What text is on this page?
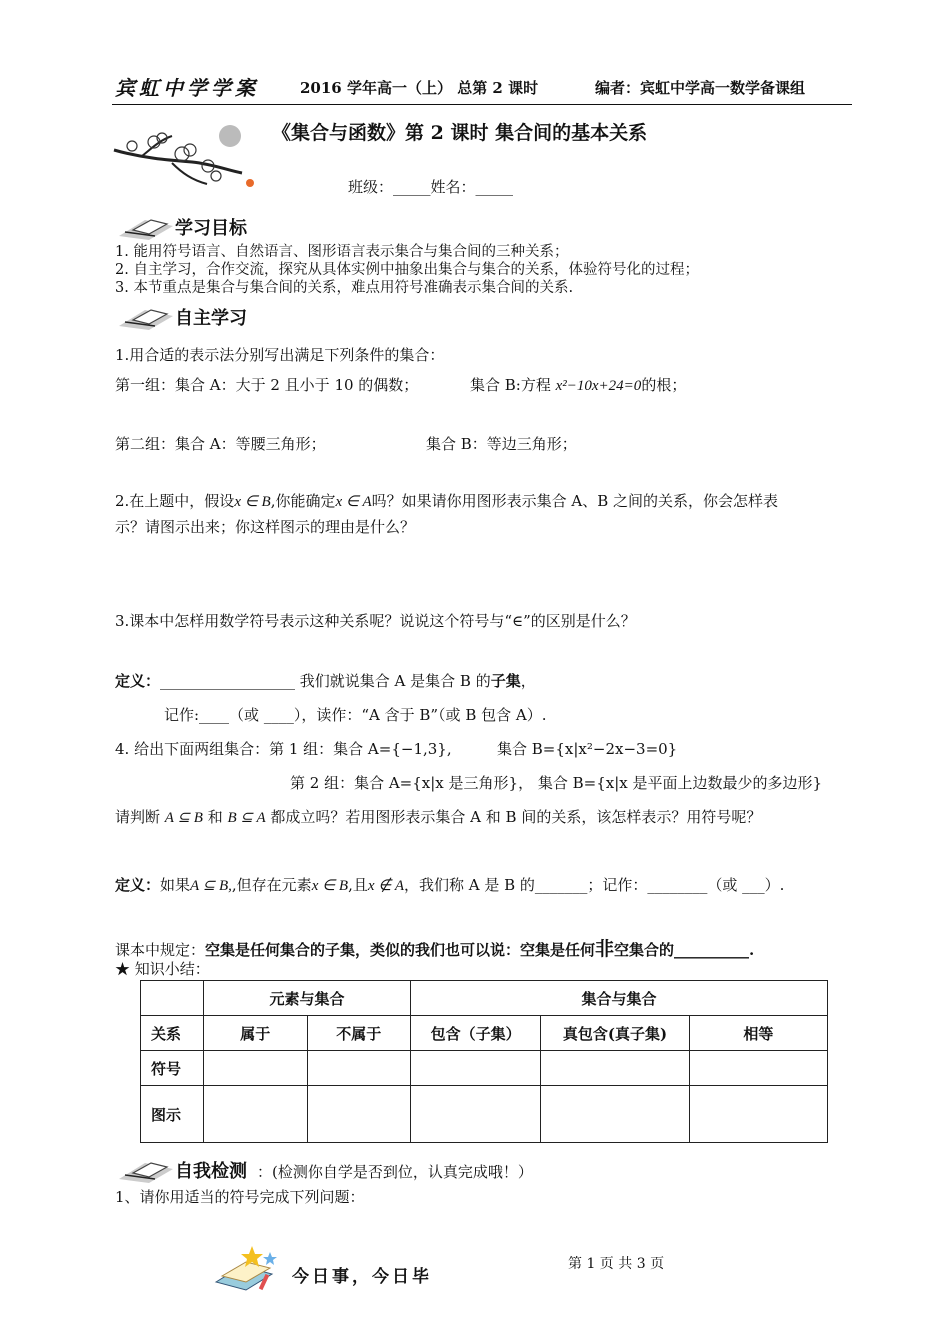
宾虹中学学案	2016 学年高一（上） 总第 2 课时	编者：宾虹中学高一数学备课组
《集合与函数》第 2 课时 集合间的基本关系
班级：_____姓名：_____
学习目标
1. 能用符号语言、自然语言、图形语言表示集合与集合间的三种关系；
2. 自主学习，合作交流，探究从具体实例中抽象出集合与集合的关系，体验符号化的过程；
3. 本节重点是集合与集合间的关系，难点用符号准确表示集合间的关系.
自主学习
1.用合适的表示法分别写出满足下列条件的集合：
第一组：集合 A：大于 2 且小于 10 的偶数；	集合 B:方程 x²−10x+24=0的根；
第二组：集合 A：等腰三角形；	集合 B：等边三角形；
2.在上题中，假设x ∈ B,你能确定x ∈ A吗？如果请你用图形表示集合 A、B 之间的关系，你会怎样表
示？请图示出来；你这样图示的理由是什么？
3.课本中怎样用数学符号表示这种关系呢？说说这个符号与“∈”的区别是什么？
定义：__________________ 我们就说集合 A 是集合 B 的子集，
记作:____（或 ____），读作：“A 含于 B”（或 B 包含 A）.
4. 给出下面两组集合：第 1 组：集合 A={−1,3},	集合 B={x|x²−2x−3=0}
第 2 组：集合 A={x|x 是三角形}， 集合 B={x|x 是平面上边数最少的多边形}
请判断 A ⊆ B 和 B ⊆ A 都成立吗？若用图形表示集合 A 和 B 间的关系，该怎样表示？用符号呢？
定义：如果A ⊆ B,,但存在元素x ∈ B,且x ∉ A，我们称 A 是 B 的_______；记作：________（或 ___）.
课本中规定：空集是任何集合的子集，类似的我们也可以说：空集是任何非空集合的__________.
★ 知识小结：
	元素与集合		集合与集合		
关系	属于	不属于	包含（子集）	真包含(真子集)	相等
符号					
图示					
自我检测 ：(检测你自学是否到位，认真完成哦！）
1、请你用适当的符号完成下列问题：
今日事，今日毕
第 1 页 共 3 页
